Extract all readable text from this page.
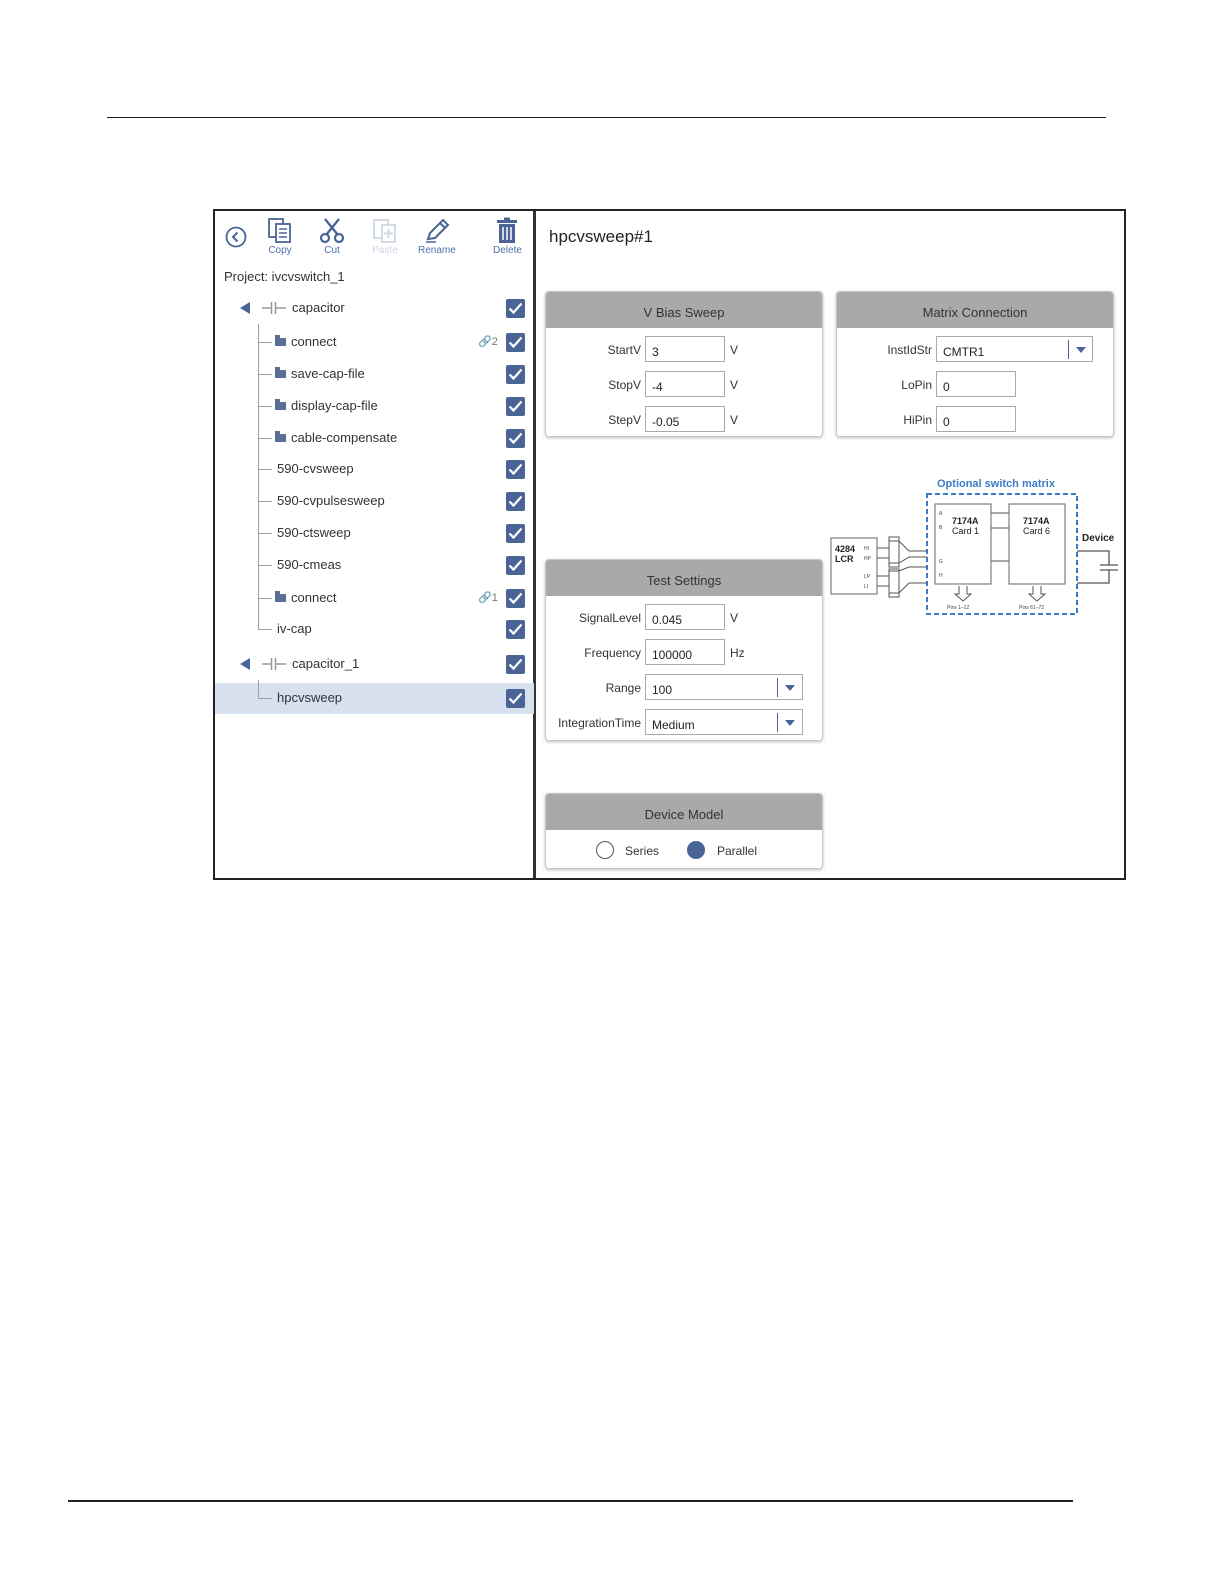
Copy	Cut	Paste Rename	Delete
Project: ivcvswitch_1
capacitor
connect	🔗2
save-cap-file
display-cap-file
cable-compensate
590-cvsweep
590-cvpulsesweep
590-ctsweep
590-cmeas
connect	🔗1
iv-cap
capacitor_1
hpcvsweep
hpcvsweep#1
V Bias Sweep
StartV 3	V
StopV -4	V
StepV -0.05	V
Matrix Connection
InstIdStr CMTR1
LoPin 0
HiPin 0
Test Settings
SignalLevel 0.045	V
Frequency 100000	Hz
Range 100
IntegrationTime Medium
Device Model
Series	Parallel
Optional switch matrix
4284
LCR
HI
HP
LP
LI
7174A
Card 1
A
B
G
H
7174A
Card 6
Pins 1–12	Pins 61–72
Device
